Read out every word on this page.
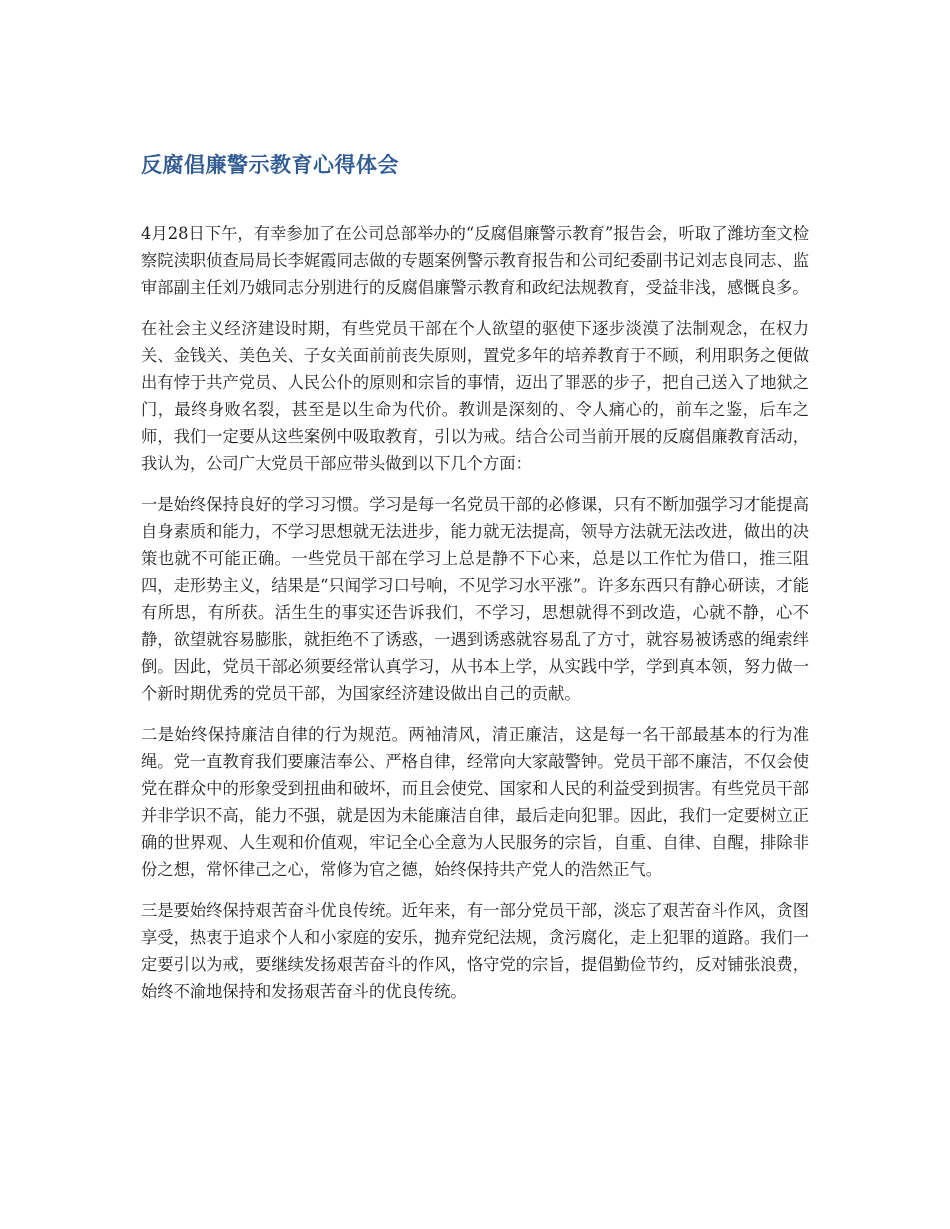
反腐倡廉警示教育心得体会

4月28日下午，有幸参加了在公司总部举办的“反腐倡廉警示教育”报告会，听取了潍坊奎文检察院渎职侦查局局长李娓霞同志做的专题案例警示教育报告和公司纪委副书记刘志良同志、监审部副主任刘乃娥同志分别进行的反腐倡廉警示教育和政纪法规教育，受益非浅，感慨良多。

在社会主义经济建设时期，有些党员干部在个人欲望的驱使下逐步淡漠了法制观念，在权力关、金钱关、美色关、子女关面前前丧失原则，置党多年的培养教育于不顾，利用职务之便做出有悖于共产党员、人民公仆的原则和宗旨的事情，迈出了罪恶的步子，把自己送入了地狱之门，最终身败名裂，甚至是以生命为代价。教训是深刻的、令人痛心的，前车之鉴，后车之师，我们一定要从这些案例中吸取教育，引以为戒。结合公司当前开展的反腐倡廉教育活动，我认为，公司广大党员干部应带头做到以下几个方面：

一是始终保持良好的学习习惯。学习是每一名党员干部的必修课，只有不断加强学习才能提高自身素质和能力，不学习思想就无法进步，能力就无法提高，领导方法就无法改进，做出的决策也就不可能正确。一些党员干部在学习上总是静不下心来，总是以工作忙为借口，推三阻四，走形势主义，结果是“只闻学习口号响，不见学习水平涨”。许多东西只有静心研读，才能有所思，有所获。活生生的事实还告诉我们，不学习，思想就得不到改造，心就不静，心不静，欲望就容易膨胀，就拒绝不了诱惑，一遇到诱惑就容易乱了方寸，就容易被诱惑的绳索绊倒。因此，党员干部必须要经常认真学习，从书本上学，从实践中学，学到真本领，努力做一个新时期优秀的党员干部，为国家经济建设做出自己的贡献。

二是始终保持廉洁自律的行为规范。两袖清风，清正廉洁，这是每一名干部最基本的行为准绳。党一直教育我们要廉洁奉公、严格自律，经常向大家敲警钟。党员干部不廉洁，不仅会使党在群众中的形象受到扭曲和破坏，而且会使党、国家和人民的利益受到损害。有些党员干部并非学识不高，能力不强，就是因为未能廉洁自律，最后走向犯罪。因此，我们一定要树立正确的世界观、人生观和价值观，牢记全心全意为人民服务的宗旨，自重、自律、自醒，排除非份之想，常怀律己之心，常修为官之德，始终保持共产党人的浩然正气。

三是要始终保持艰苦奋斗优良传统。近年来，有一部分党员干部，淡忘了艰苦奋斗作风，贪图享受，热衷于追求个人和小家庭的安乐，抛弃党纪法规，贪污腐化，走上犯罪的道路。我们一定要引以为戒，要继续发扬艰苦奋斗的作风，恪守党的宗旨，提倡勤俭节约，反对铺张浪费，始终不渝地保持和发扬艰苦奋斗的优良传统。
